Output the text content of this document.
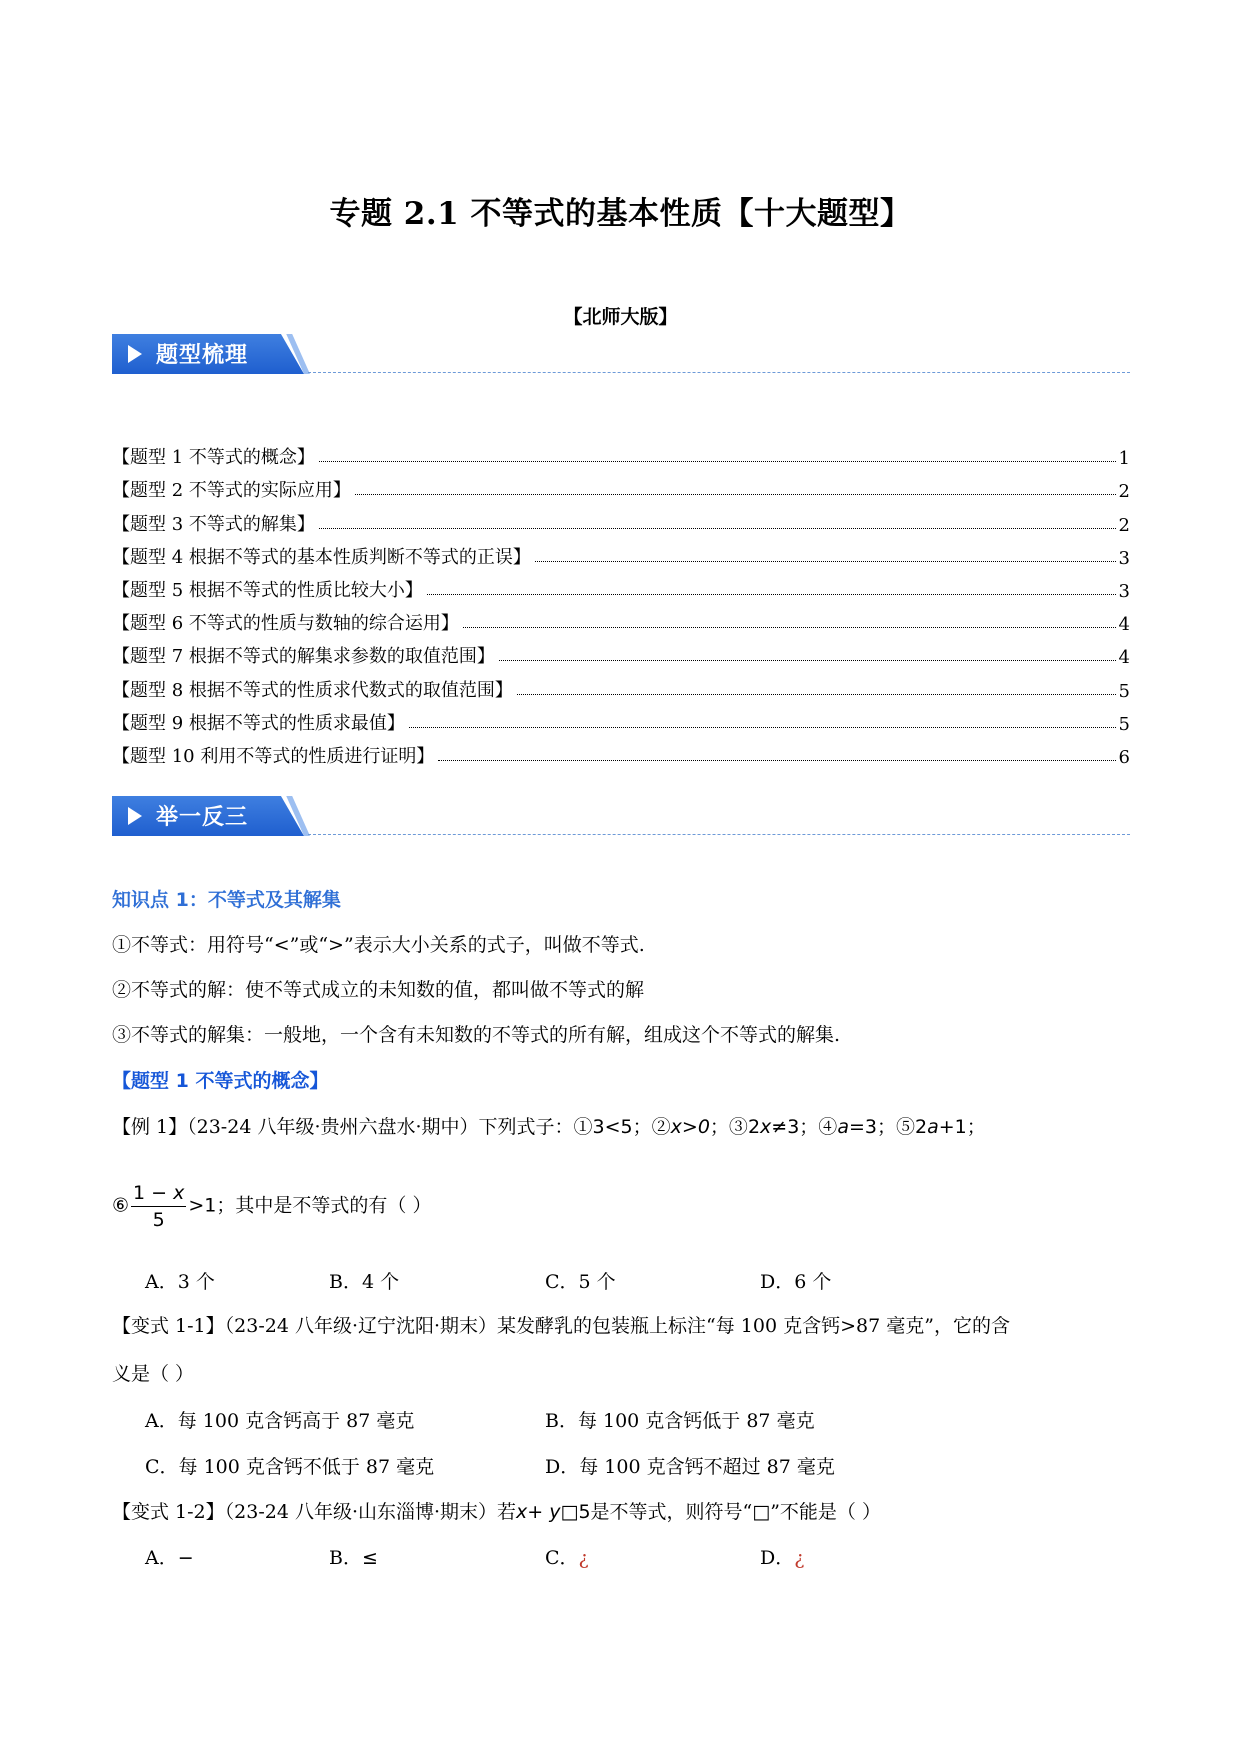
专题 2.1 不等式的基本性质【十大题型】
【北师大版】
题型梳理
【题型 1 不等式的概念】	1
【题型 2 不等式的实际应用】	2
【题型 3 不等式的解集】	2
【题型 4 根据不等式的基本性质判断不等式的正误】	3
【题型 5 根据不等式的性质比较大小】	3
【题型 6 不等式的性质与数轴的综合运用】	4
【题型 7 根据不等式的解集求参数的取值范围】	4
【题型 8 根据不等式的性质求代数式的取值范围】	5
【题型 9 根据不等式的性质求最值】	5
【题型 10 利用不等式的性质进行证明】	6
举一反三
知识点 1：不等式及其解集
①不等式：用符号“<”或“>”表示大小关系的式子，叫做不等式.
②不等式的解：使不等式成立的未知数的值，都叫做不等式的解
③不等式的解集：一般地，一个含有未知数的不等式的所有解，组成这个不等式的解集.
【题型 1 不等式的概念】
【例 1】（23-24 八年级·贵州六盘水·期中）下列式子：①3<5；②x>0；③2x≠3；④a=3；⑤2a+1；
⑥ $\frac{1 - x}{5} >1$；其中是不等式的有（ ）
A．3 个	B．4 个	C．5 个	D．6 个
【变式 1-1】（23-24 八年级·辽宁沈阳·期末）某发酵乳的包装瓶上标注“每 100 克含钙>87 毫克”，它的含
义是（ ）
A．每 100 克含钙高于 87 毫克	B．每 100 克含钙低于 87 毫克
C．每 100 克含钙不低于 87 毫克	D．每 100 克含钙不超过 87 毫克
【变式 1-2】（23-24 八年级·山东淄博·期末）若x+ y□5是不等式，则符号“□”不能是（ ）
A．−	B．≤	C．¿	D．¿
